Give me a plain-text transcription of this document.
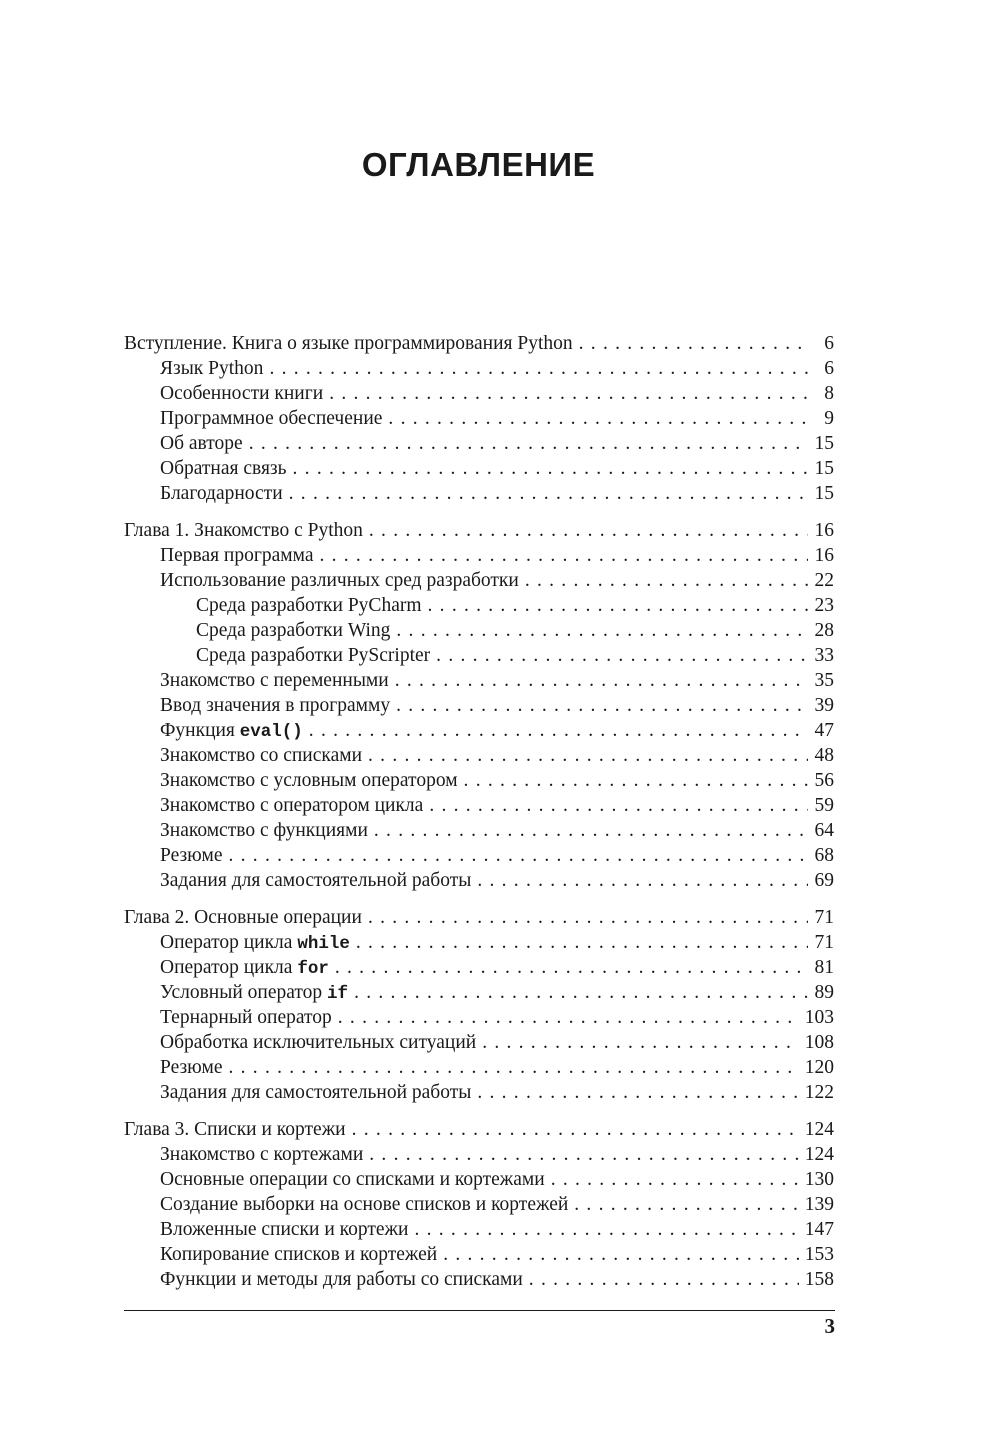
ОГЛАВЛЕНИЕ
Вступление. Книга о языке программирования Python . . .	6
Язык Python . . .	6
Особенности книги . . .	8
Программное обеспечение . . .	9
Об авторе . . .	15
Обратная связь . . .	15
Благодарности . . .	15
Глава 1. Знакомство с Python . . .	16
Первая программа . . .	16
Использование различных сред разработки . . .	22
Среда разработки PyCharm . . .	23
Среда разработки Wing . . .	28
Среда разработки PyScripter . . .	33
Знакомство с переменными . . .	35
Ввод значения в программу . . .	39
Функция eval() . . .	47
Знакомство со списками . . .	48
Знакомство с условным оператором . . .	56
Знакомство с оператором цикла . . .	59
Знакомство с функциями . . .	64
Резюме . . .	68
Задания для самостоятельной работы . . .	69
Глава 2. Основные операции . . .	71
Оператор цикла while . . .	71
Оператор цикла for . . .	81
Условный оператор if . . .	89
Тернарный оператор . . .	103
Обработка исключительных ситуаций . . .	108
Резюме . . .	120
Задания для самостоятельной работы . . .	122
Глава 3. Списки и кортежи . . .	124
Знакомство с кортежами . . .	124
Основные операции со списками и кортежами . . .	130
Создание выборки на основе списков и кортежей . . .	139
Вложенные списки и кортежи . . .	147
Копирование списков и кортежей . . .	153
Функции и методы для работы со списками . . .	158
3
